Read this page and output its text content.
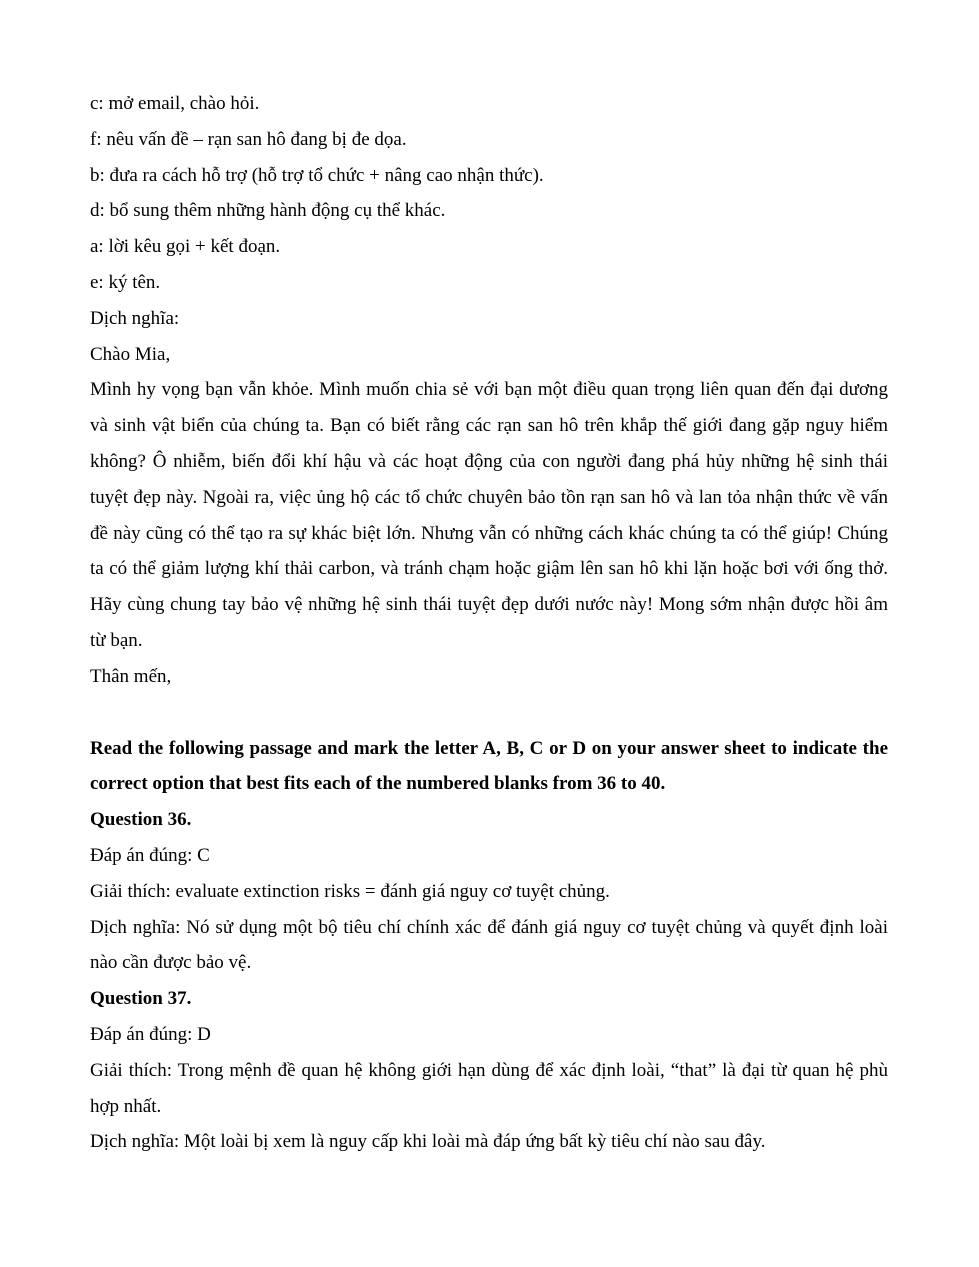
c: mở email, chào hỏi.

f: nêu vấn đề – rạn san hô đang bị đe dọa.

b: đưa ra cách hỗ trợ (hỗ trợ tổ chức + nâng cao nhận thức).

d: bổ sung thêm những hành động cụ thể khác.

a: lời kêu gọi + kết đoạn.

e: ký tên.

Dịch nghĩa:

Chào Mia,

Mình hy vọng bạn vẫn khỏe. Mình muốn chia sẻ với bạn một điều quan trọng liên quan đến đại dương và sinh vật biển của chúng ta. Bạn có biết rằng các rạn san hô trên khắp thế giới đang gặp nguy hiểm không? Ô nhiễm, biến đổi khí hậu và các hoạt động của con người đang phá hủy những hệ sinh thái tuyệt đẹp này. Ngoài ra, việc ủng hộ các tổ chức chuyên bảo tồn rạn san hô và lan tỏa nhận thức về vấn đề này cũng có thể tạo ra sự khác biệt lớn. Nhưng vẫn có những cách khác chúng ta có thể giúp! Chúng ta có thể giảm lượng khí thải carbon, và tránh chạm hoặc giậm lên san hô khi lặn hoặc bơi với ống thở. Hãy cùng chung tay bảo vệ những hệ sinh thái tuyệt đẹp dưới nước này! Mong sớm nhận được hồi âm từ bạn.

Thân mến,

Read the following passage and mark the letter A, B, C or D on your answer sheet to indicate the correct option that best fits each of the numbered blanks from 36 to 40.

Question 36.

Đáp án đúng: C

Giải thích: evaluate extinction risks = đánh giá nguy cơ tuyệt chủng.

Dịch nghĩa: Nó sử dụng một bộ tiêu chí chính xác để đánh giá nguy cơ tuyệt chủng và quyết định loài nào cần được bảo vệ.

Question 37.

Đáp án đúng: D

Giải thích: Trong mệnh đề quan hệ không giới hạn dùng để xác định loài, “that” là đại từ quan hệ phù hợp nhất.

Dịch nghĩa: Một loài bị xem là nguy cấp khi loài mà đáp ứng bất kỳ tiêu chí nào sau đây.
